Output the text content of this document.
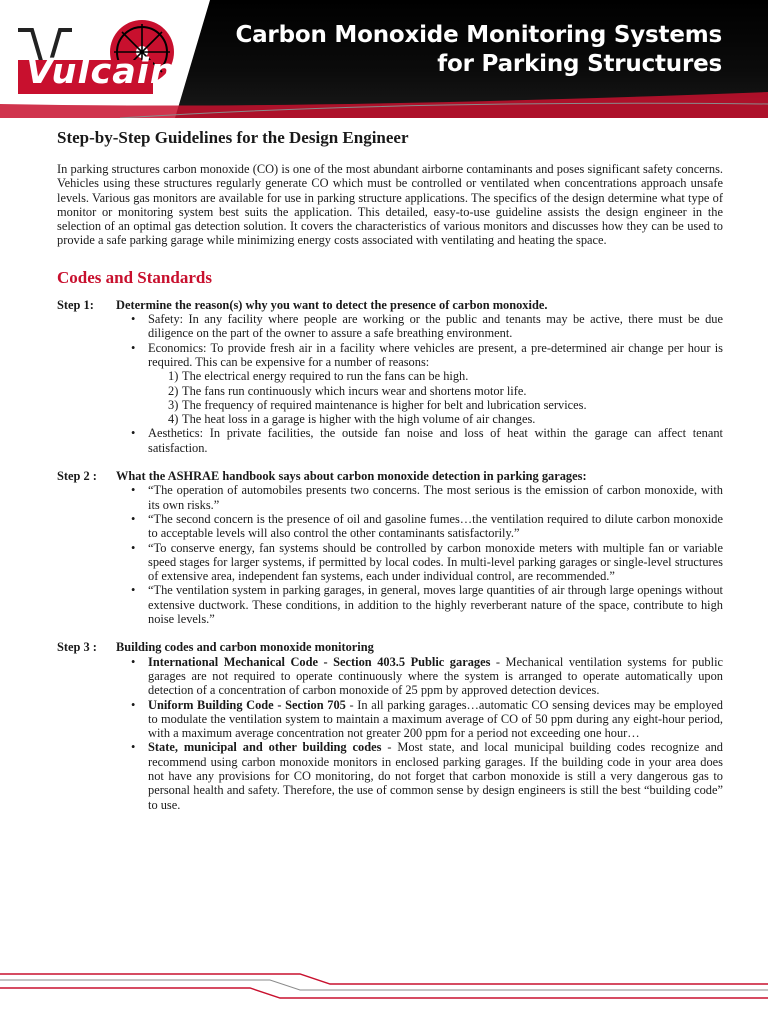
Vulcain
Division of BW Technologies
Carbon Monoxide Monitoring Systems
for Parking Structures
Step-by-Step Guidelines for the Design Engineer

In parking structures carbon monoxide (CO) is one of the most abundant airborne contaminants and poses significant safety concerns. Vehicles using these structures regularly generate CO which must be controlled or ventilated when concentrations approach unsafe levels. Various gas monitors are available for use in parking structure applications. The specifics of the design determine what type of monitor or monitoring system best suits the application. This detailed, easy-to-use guideline assists the design engineer in the selection of an optimal gas detection solution. It covers the characteristics of various monitors and discusses how they can be used to provide a safe parking garage while minimizing energy costs associated with ventilating and heating the space.

Codes and Standards
Step 1:	Determine the reason(s) why you want to detect the presence of carbon monoxide.
• Safety: In any facility where people are working or the public and tenants may be active, there must be due diligence on the part of the owner to assure a safe breathing environment.
• Economics: To provide fresh air in a facility where vehicles are present, a pre-determined air change per hour is required. This can be expensive for a number of reasons:
1) The electrical energy required to run the fans can be high.
2) The fans run continuously which incurs wear and shortens motor life.
3) The frequency of required maintenance is higher for belt and lubrication services.
4) The heat loss in a garage is higher with the high volume of air changes.
• Aesthetics: In private facilities, the outside fan noise and loss of heat within the garage can affect tenant satisfaction.
Step 2 :	What the ASHRAE handbook says about carbon monoxide detection in parking garages:
• “The operation of automobiles presents two concerns. The most serious is the emission of carbon monoxide, with its own risks.”
• “The second concern is the presence of oil and gasoline fumes…the ventilation required to dilute carbon monoxide to acceptable levels will also control the other contaminants satisfactorily.”
• “To conserve energy, fan systems should be controlled by carbon monoxide meters with multiple fan or variable speed stages for larger systems, if permitted by local codes. In multi-level parking garages or single-level structures of extensive area, independent fan systems, each under individual control, are recommended.”
• “The ventilation system in parking garages, in general, moves large quantities of air through large openings without extensive ductwork. These conditions, in addition to the highly reverberant nature of the space, contribute to high noise levels.”
Step 3 :	Building codes and carbon monoxide monitoring
• International Mechanical Code - Section 403.5 Public garages - Mechanical ventilation systems for public garages are not required to operate continuously where the system is arranged to operate automatically upon detection of a concentration of carbon monoxide of 25 ppm by approved detection devices.
• Uniform Building Code - Section 705 - In all parking garages…automatic CO sensing devices may be employed to modulate the ventilation system to maintain a maximum average of CO of 50 ppm during any eight-hour period, with a maximum average concentration not greater 200 ppm for a period not exceeding one hour…
• State, municipal and other building codes - Most state, and local municipal building codes recognize and recommend using carbon monoxide monitors in enclosed parking garages. If the building code in your area does not have any provisions for CO monitoring, do not forget that carbon monoxide is still a very dangerous gas to personal health and safety. Therefore, the use of common sense by design engineers is still the best “building code” to use.
